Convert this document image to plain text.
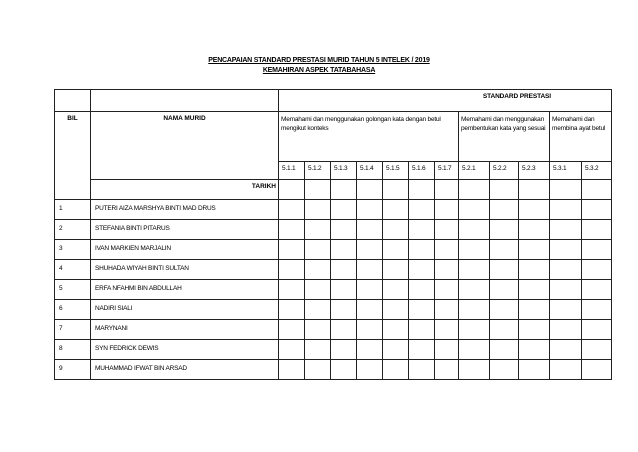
PENCAPAIAN STANDARD PRESTASI MURID TAHUN 5 INTELEK / 2019
KEMAHIRAN ASPEK TATABAHASA
		STANDARD PRESTASI											
BIL	NAMA MURID	Memahami dan menggunakan golongan kata dengan betul mengikut konteks							Memahami dan menggunakan pembentukan kata yang sesuai			Memahami dan membina ayat betul	
		5.1.1	5.1.2	5.1.3	5.1.4	5.1.5	5.1.6	5.1.7	5.2.1	5.2.2	5.2.3	5.3.1	5.3.2
	TARIKH												
1	PUTERI AIZA MARSHYA BINTI MAD DRUS												
2	STEFANIA BINTI PITARUS												
3	IVAN MARKIEN MARJALIN												
4	SHUHADA WIYAH BINTI SULTAN												
5	ERFA NFAHMI BIN ABDULLAH												
6	NADIRI SIALI												
7	MARYNANI												
8	SYN FEDRICK DEWIS												
9	MUHAMMAD IFWAT BIN ARSAD												
